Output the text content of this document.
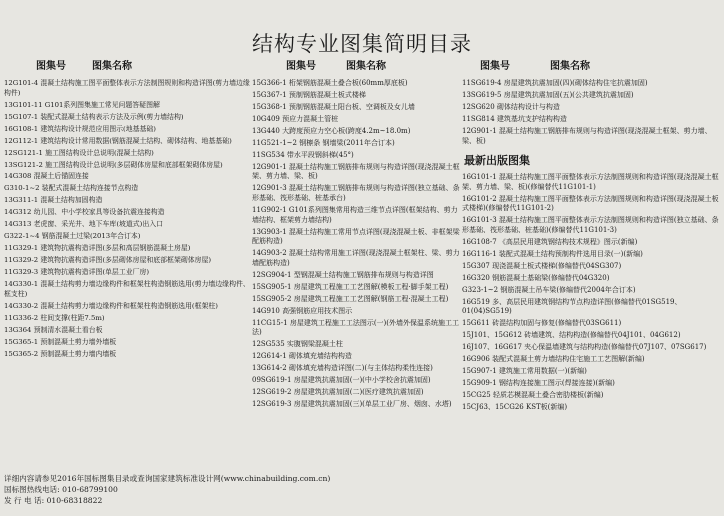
结构专业图集简明目录
图集号	图集名称
12G101-4 混凝土结构施工图平面整体表示方法制图规则和构造详图(剪力墙边缘构件)
13G101-11 G101系列图集施工常见问题答疑图解
15G107-1 装配式混凝土结构表示方法及示例(剪力墙结构)
16G108-1 建筑结构设计规范应用图示(地基基础)
12G112-1 建筑结构设计常用数据(钢筋混凝土结构、砌体结构、地基基础)
12SG121-1 施工图结构设计总说明(混凝土结构)
13SG121-2 施工图结构设计总说明(多层砌体房屋和底部框架砌体房屋)
14G308 混凝土后锚固连接
G310-1~2 装配式混凝土结构连接节点构造
13G311-1 混凝土结构加固构造
14G312 幼儿园、中小学校家具等设备抗震连接构造
14G313 老虎窗、采光井、地下车库(坡道式)出入口
G322-1~4 钢筋混凝土过梁(2013年合订本)
11G329-1 建筑物抗震构造详图(多层和高层钢筋混凝土房屋)
11G329-2 建筑物抗震构造详图(多层砌体房屋和底部框架砌体房屋)
11G329-3 建筑物抗震构造详图(单层工业厂房)
14G330-1 混凝土结构剪力墙边缘构件和框架柱构造钢筋选用(剪力墙边缘构件、框支柱)
14G330-2 混凝土结构剪力墙边缘构件和框架柱构造钢筋选用(框架柱)
11G336-2 柱间支撑(柱距7.5m)
13G364 预制清水混凝土看台板
15G365-1 预制混凝土剪力墙外墙板
15G365-2 预制混凝土剪力墙内墙板
图集号	图集名称
15G366-1 桁架钢筋混凝土叠合板(60mm厚底板)
15G367-1 预制钢筋混凝土板式楼梯
15G368-1 预制钢筋混凝土阳台板、空调板及女儿墙
10G409 预应力混凝土管桩
13G440 大跨度预应力空心板(跨度4.2m~18.0m)
11G521-1~2 钢檩条 钢墙梁(2011年合订本)
11SG534 带水平段钢斜梯(45°)
12G901-1 混凝土结构施工钢筋排布规则与构造详图(现浇混凝土框架、剪力墙、梁、板)
12G901-3 混凝土结构施工钢筋排布规则与构造详图(独立基础、条形基础、筏形基础、桩基承台)
11G902-1 G101系列图集常用构造三维节点详图(框架结构、剪力墙结构、框架剪力墙结构)
13G903-1 混凝土结构施工常用节点详图(现浇混凝土板、非框架梁配筋构造)
14G903-2 混凝土结构常用施工详图(现浇混凝土框架柱、梁、剪力墙配筋构造)
12SG904-1 型钢混凝土结构施工钢筋排布规则与构造详图
15SG905-1 房屋建筑工程施工工艺图解(模板工程·脚手架工程)
15SG905-2 房屋建筑工程施工工艺图解(钢筋工程·混凝土工程)
14G910 高强钢筋应用技术图示
11CG15-1 房屋建筑工程施工工法图示(一)(外墙外保温系统施工工法)
12SG535 实腹钢梁混凝土柱
12G614-1 砌体填充墙结构构造
13G614-2 砌体填充墙构造详图(二)(与主体结构柔性连接)
09SG619-1 房屋建筑抗震加固(一)(中小学校舍抗震加固)
12SG619-2 房屋建筑抗震加固(二)(医疗建筑抗震加固)
12SG619-3 房屋建筑抗震加固(三)(单层工业厂房、烟囱、水塔)
图集号	图集名称
11SG619-4 房屋建筑抗震加固(四)(砌体结构住宅抗震加固)
13SG619-5 房屋建筑抗震加固(五)(公共建筑抗震加固)
12SG620 砌体结构设计与构造
11SG814 建筑基坑支护结构构造
12G901-1 混凝土结构施工钢筋排布规则与构造详图(现浇混凝土框架、剪力墙、梁、板)
最新出版图集
16G101-1 混凝土结构施工图平面整体表示方法制图规则和构造详图(现浇混凝土框架、剪力墙、梁、板)(修编替代11G101-1)
16G101-2 混凝土结构施工图平面整体表示方法制图规则和构造详图(现浇混凝土板式楼梯)(修编替代11G101-2)
16G101-3 混凝土结构施工图平面整体表示方法制图规则和构造详图(独立基础、条形基础、筏形基础、桩基础)(修编替代11G101-3)
16G108-7 《高层民用建筑钢结构技术规程》图示(新编)
16G116-1 装配式混凝土结构预制构件选用目录(一)(新编)
15G307 现浇混凝土板式楼梯(修编替代04SG307)
16G320 钢筋混凝土基础梁(修编替代04G320)
G323-1~2 钢筋混凝土吊车梁(修编替代2004年合订本)
16G519 多、高层民用建筑钢结构节点构造详图(修编替代01SG519、01(04)SG519)
15G611 砖混结构加固与修复(修编替代03SG611)
15J101、15G612 砖墙建筑、结构构造(修编替代04J101、04G612)
16J107、16G617 夹心保温墙建筑与结构构造(修编替代07J107、07SG617)
16G906 装配式混凝土剪力墙结构住宅施工工艺图解(新编)
15G907-1 建筑施工常用数据(一)(新编)
15G909-1 钢结构连接施工图示(焊接连接)(新编)
15CG25 轻质芯模混凝土叠合密肋楼板(新编)
15CJ63、15CG26 KST板(新编)
详细内容请参见2016年国标图集目录或查询国家建筑标准设计网(www.chinabuilding.com.cn)
国标图热线电话: 010-68799100
发 行 电 话: 010-68318822
